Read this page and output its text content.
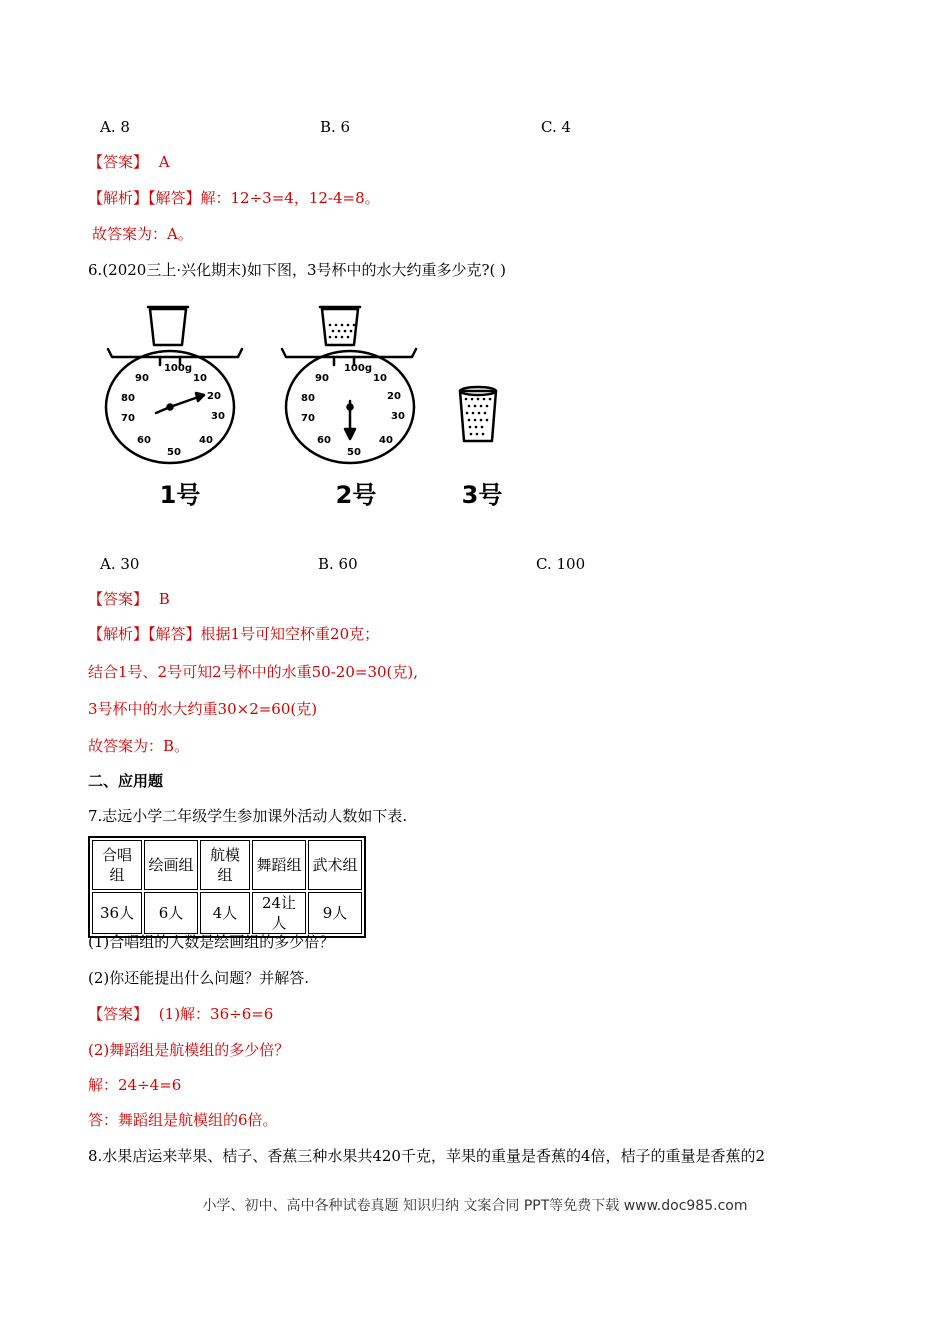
A. 8	B. 6	C. 4
【答案】 A
【解析】【解答】解：12÷3=4，12-4=8。
故答案为：A。
6.(2020三上·兴化期末)如下图，3号杯中的水大约重多少克?( )
100g
10
20
30
40
50
60
70
80
90
100g
10
20
30
40
50
60
70
80
90
1号	2号	3号
A. 30	B. 60	C. 100
【答案】 B
【解析】【解答】根据1号可知空杯重20克；
结合1号、2号可知2号杯中的水重50-20=30(克),
3号杯中的水大约重30×2=60(克)
故答案为：B。
二、应用题
7.志远小学二年级学生参加课外活动人数如下表.
合唱组	绘画组	航模组	舞蹈组	武术组
36人	6人	4人	24让人	9人
(1)合唱组的人数是绘画组的多少倍？
(2)你还能提出什么问题？并解答.
【答案】 (1)解：36÷6=6
(2)舞蹈组是航模组的多少倍？
解：24÷4=6
答：舞蹈组是航模组的6倍。
8.水果店运来苹果、桔子、香蕉三种水果共420千克，苹果的重量是香蕉的4倍，桔子的重量是香蕉的2
小学、初中、高中各种试卷真题 知识归纳 文案合同 PPT等免费下载 www.doc985.com
